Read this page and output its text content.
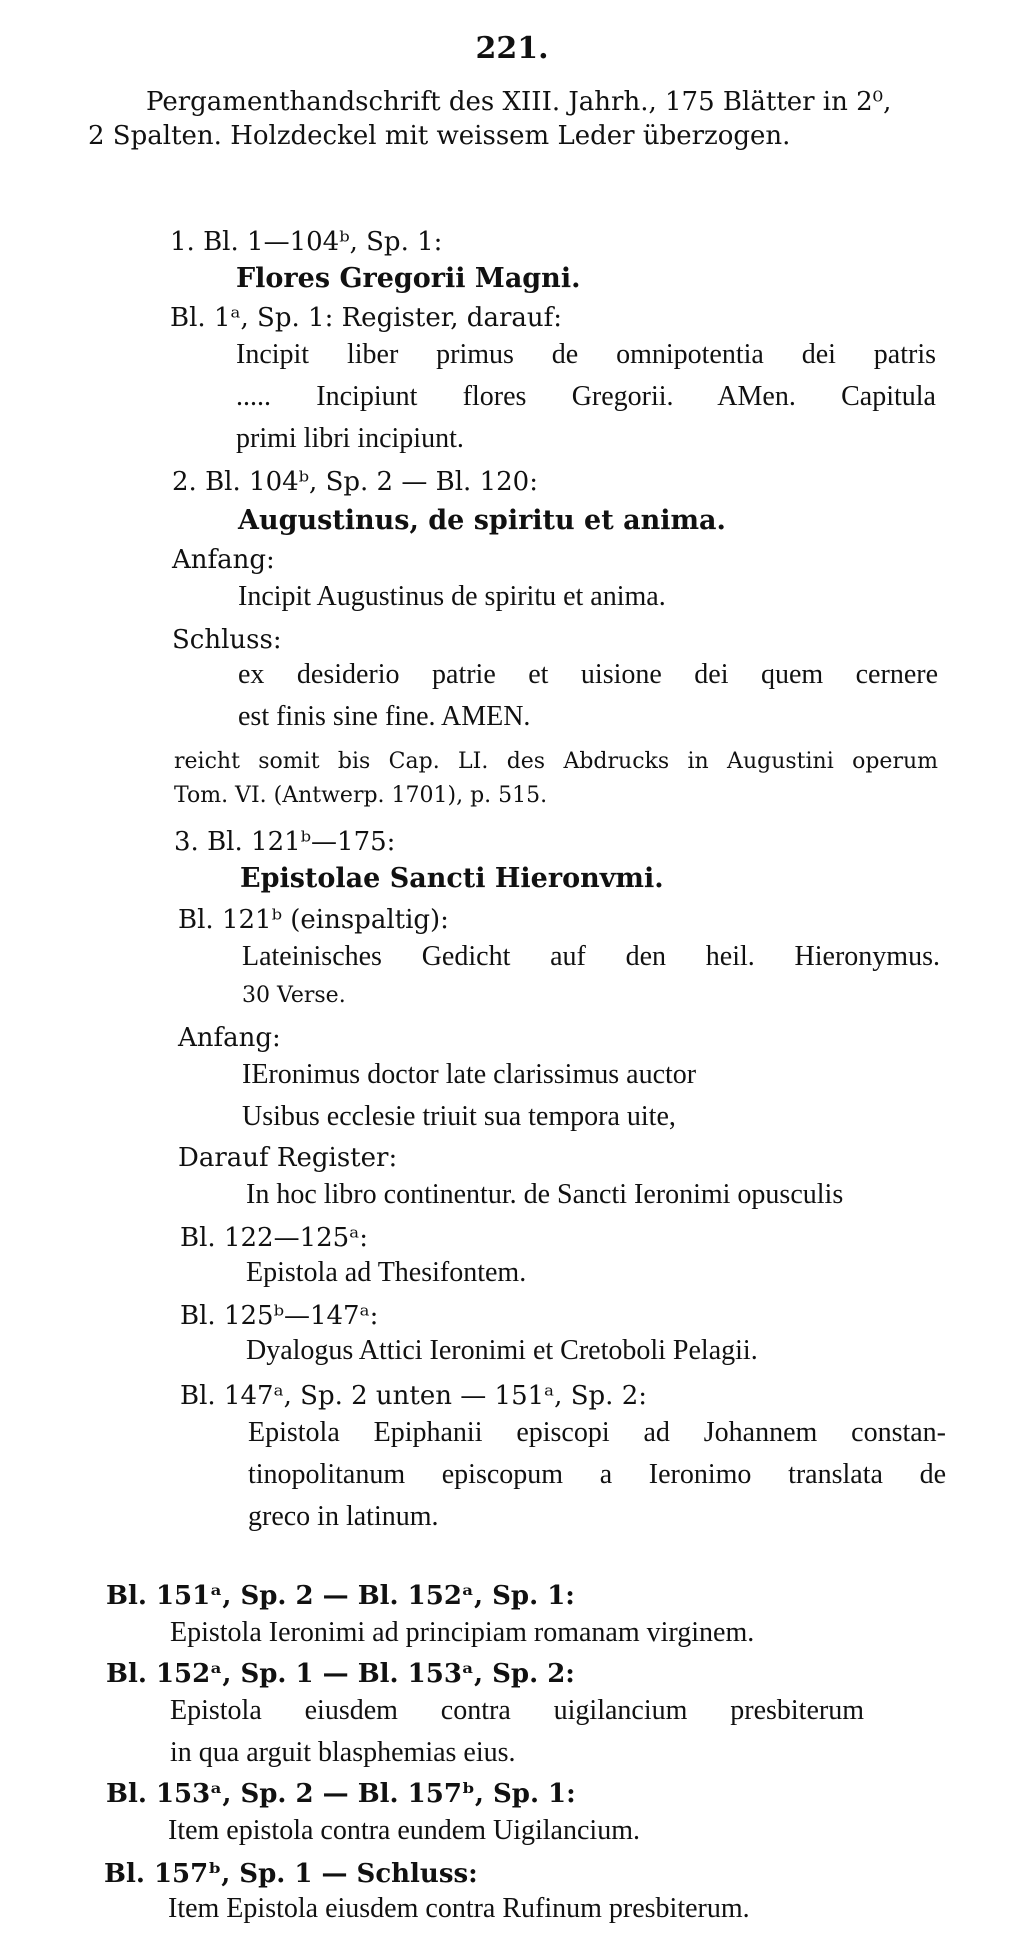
221.
Pergamenthandschrift des XIII. Jahrh., 175 Blätter in 2⁰,
2 Spalten. Holzdeckel mit weissem Leder überzogen.
1. Bl. 1—104ᵇ, Sp. 1:
Flores Gregorii Magni.
Bl. 1ᵃ, Sp. 1: Register, darauf:
Incipit liber primus de omnipotentia dei patris
..... Incipiunt flores Gregorii. AMen. Capitula
primi libri incipiunt.
2. Bl. 104ᵇ, Sp. 2 — Bl. 120:
Augustinus, de spiritu et anima.
Anfang:
Incipit Augustinus de spiritu et anima.
Schluss:
ex desiderio patrie et uisione dei quem cernere
est finis sine fine. AMEN.
reicht somit bis Cap. LI. des Abdrucks in Augustini operum
Tom. VI. (Antwerp. 1701), p. 515.
3. Bl. 121ᵇ—175:
Epistolae Sancti Hieronvmi.
Bl. 121ᵇ (einspaltig):
Lateinisches Gedicht auf den heil. Hieronymus.
30 Verse.
Anfang:
IEronimus doctor late clarissimus auctor
Usibus ecclesie triuit sua tempora uite,
Darauf Register:
In hoc libro continentur. de Sancti Ieronimi opusculis
Bl. 122—125ᵃ:
Epistola ad Thesifontem.
Bl. 125ᵇ—147ᵃ:
Dyalogus Attici Ieronimi et Cretoboli Pelagii.
Bl. 147ᵃ, Sp. 2 unten — 151ᵃ, Sp. 2:
Epistola Epiphanii episcopi ad Johannem constan-
tinopolitanum episcopum a Ieronimo translata de
greco in latinum.
Bl. 151ᵃ, Sp. 2 — Bl. 152ᵃ, Sp. 1:
Epistola Ieronimi ad principiam romanam virginem.
Bl. 152ᵃ, Sp. 1 — Bl. 153ᵃ, Sp. 2:
Epistola eiusdem contra uigilancium presbiterum
in qua arguit blasphemias eius.
Bl. 153ᵃ, Sp. 2 — Bl. 157ᵇ, Sp. 1:
Item epistola contra eundem Uigilancium.
Bl. 157ᵇ, Sp. 1 — Schluss:
Item Epistola eiusdem contra Rufinum presbiterum.
